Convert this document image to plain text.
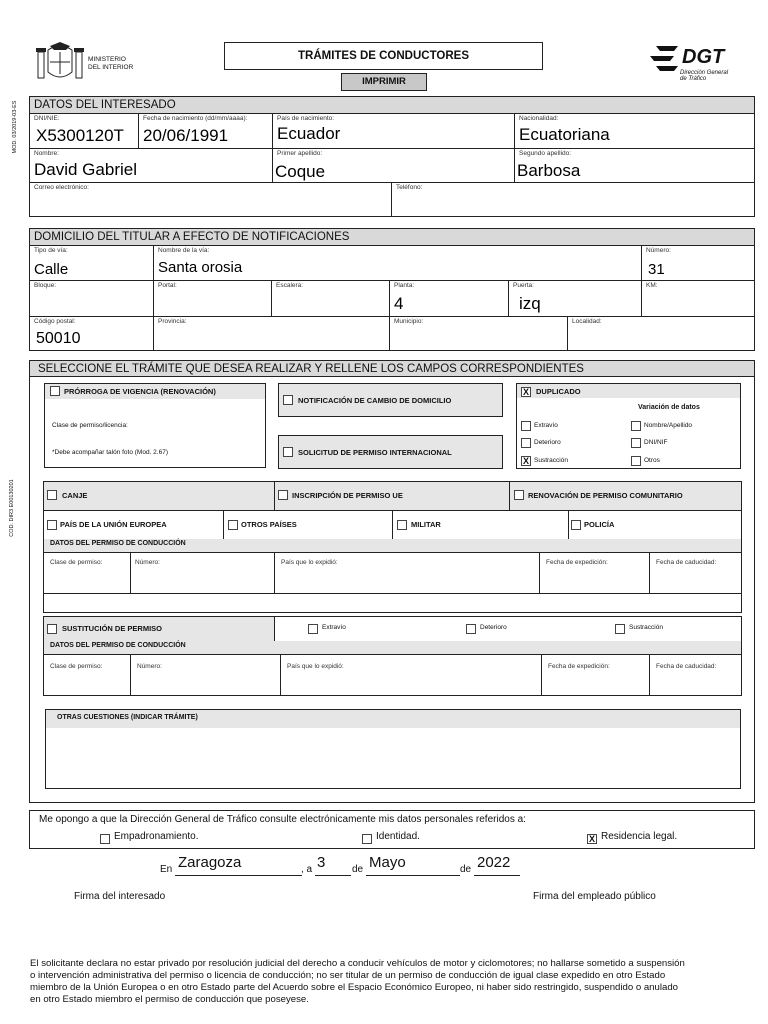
MINISTERIO
DEL INTERIOR
TRÁMITES DE CONDUCTORES
IMPRIMIR
DGT
Dirección General
de Tráfico
MOD. 03/2019-03-ES
COD. DIR3 E00130201
DATOS DEL INTERESADO
DNI/NIE:
X5300120T
Fecha de nacimiento (dd/mm/aaaa):
20/06/1991
País de nacimiento:
Ecuador
Nacionalidad:
Ecuatoriana
Nombre:
David Gabriel
Primer apellido:
Coque
Segundo apellido:
Barbosa
Correo electrónico:	Teléfono:
DOMICILIO DEL TITULAR A EFECTO DE NOTIFICACIONES
Tipo de vía:
Calle
Nombre de la vía:
Santa orosia
Número:
31
Bloque:	Portal:	Escalera:	Planta:
4
Puerta:
izq
KM:
Código postal:
50010
Provincia:	Municipio:	Localidad:
SELECCIONE EL TRÁMITE QUE DESEA REALIZAR Y RELLENE LOS CAMPOS CORRESPONDIENTES
PRÓRROGA DE VIGENCIA (RENOVACIÓN)
Clase de permiso/licencia:
*Debe acompañar talón foto (Mod. 2.67)
NOTIFICACIÓN DE CAMBIO DE DOMICILIO
SOLICITUD DE PERMISO INTERNACIONAL
X DUPLICADO
Variación de datos
Extravío
Deterioro
X Sustracción
Nombre/Apellido
DNI/NIF
Otros
CANJE	INSCRIPCIÓN DE PERMISO UE	RENOVACIÓN DE PERMISO COMUNITARIO
PAÍS DE LA UNIÓN EUROPEA	OTROS PAÍSES	MILITAR	POLICÍA
DATOS DEL PERMISO DE CONDUCCIÓN
Clase de permiso:	Número:	País que lo expidió:	Fecha de expedición:	Fecha de caducidad:
SUSTITUCIÓN DE PERMISO	Extravío	Deterioro	Sustracción
DATOS DEL PERMISO DE CONDUCCIÓN
Clase de permiso:	Número:	País que lo expidió:	Fecha de expedición:	Fecha de caducidad:
OTRAS CUESTIONES (INDICAR TRÁMITE)
Me opongo a que la Dirección General de Tráfico consulte electrónicamente mis datos personales referidos a:
Empadronamiento.	Identidad.	X Residencia legal.
En Zaragoza	, a 3	de Mayo	de 2022
Firma del interesado	Firma del empleado público
El solicitante declara no estar privado por resolución judicial del derecho a conducir vehículos de motor y ciclomotores; no hallarse sometido a suspensión
o intervención administrativa del permiso o licencia de conducción; no ser titular de un permiso de conducción de igual clase expedido en otro Estado
miembro de la Unión Europea o en otro Estado parte del Acuerdo sobre el Espacio Económico Europeo, ni haber sido restringido, suspendido o anulado
en otro Estado miembro el permiso de conducción que poseyese.
